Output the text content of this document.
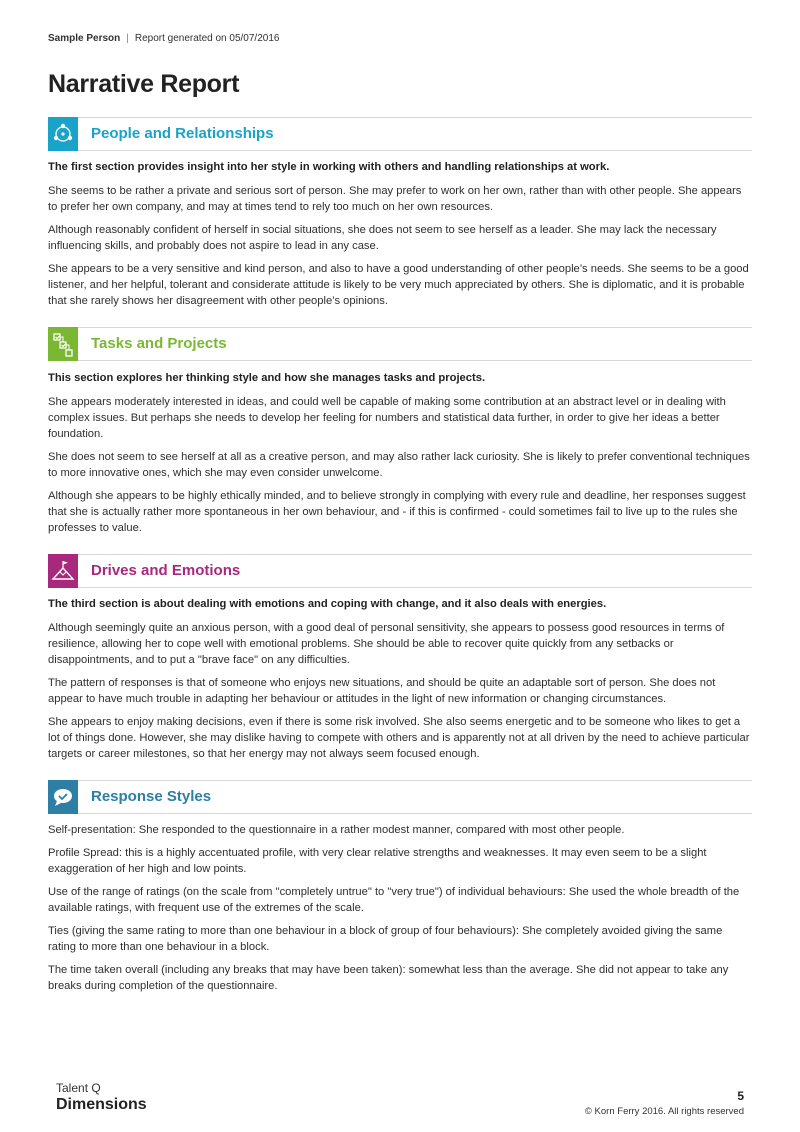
Sample Person | Report generated on 05/07/2016
Narrative Report
People and Relationships

The first section provides insight into her style in working with others and handling relationships at work.

She seems to be rather a private and serious sort of person. She may prefer to work on her own, rather than with other people. She appears to prefer her own company, and may at times tend to rely too much on her own resources.

Although reasonably confident of herself in social situations, she does not seem to see herself as a leader. She may lack the necessary influencing skills, and probably does not aspire to lead in any case.

She appears to be a very sensitive and kind person, and also to have a good understanding of other people’s needs. She seems to be a good listener, and her helpful, tolerant and considerate attitude is likely to be very much appreciated by others. She is diplomatic, and it is probable that she rarely shows her disagreement with other people’s opinions.

Tasks and Projects

This section explores her thinking style and how she manages tasks and projects.

She appears moderately interested in ideas, and could well be capable of making some contribution at an abstract level or in dealing with complex issues. But perhaps she needs to develop her feeling for numbers and statistical data further, in order to give her ideas a better foundation.

She does not seem to see herself at all as a creative person, and may also rather lack curiosity. She is likely to prefer conventional techniques to more innovative ones, which she may even consider unwelcome.

Although she appears to be highly ethically minded, and to believe strongly in complying with every rule and deadline, her responses suggest that she is actually rather more spontaneous in her own behaviour, and - if this is confirmed - could sometimes fail to live up to the rules she professes to value.

Drives and Emotions

The third section is about dealing with emotions and coping with change, and it also deals with energies.

Although seemingly quite an anxious person, with a good deal of personal sensitivity, she appears to possess good resources in terms of resilience, allowing her to cope well with emotional problems. She should be able to recover quite quickly from any setbacks or disappointments, and to put a "brave face" on any difficulties.

The pattern of responses is that of someone who enjoys new situations, and should be quite an adaptable sort of person. She does not appear to have much trouble in adapting her behaviour or attitudes in the light of new information or changing circumstances.

She appears to enjoy making decisions, even if there is some risk involved. She also seems energetic and to be someone who likes to get a lot of things done. However, she may dislike having to compete with others and is apparently not at all driven by the need to achieve particular targets or career milestones, so that her energy may not always seem focused enough.

Response Styles

Self-presentation: She responded to the questionnaire in a rather modest manner, compared with most other people.

Profile Spread: this is a highly accentuated profile, with very clear relative strengths and weaknesses. It may even seem to be a slight exaggeration of her high and low points.

Use of the range of ratings (on the scale from "completely untrue" to "very true") of individual behaviours: She used the whole breadth of the available ratings, with frequent use of the extremes of the scale.

Ties (giving the same rating to more than one behaviour in a block of group of four behaviours): She completely avoided giving the same rating to more than one behaviour in a block.

The time taken overall (including any breaks that may have been taken): somewhat less than the average. She did not appear to take any breaks during completion of the questionnaire.

Talent Q
Dimensions	5
© Korn Ferry 2016. All rights reserved
